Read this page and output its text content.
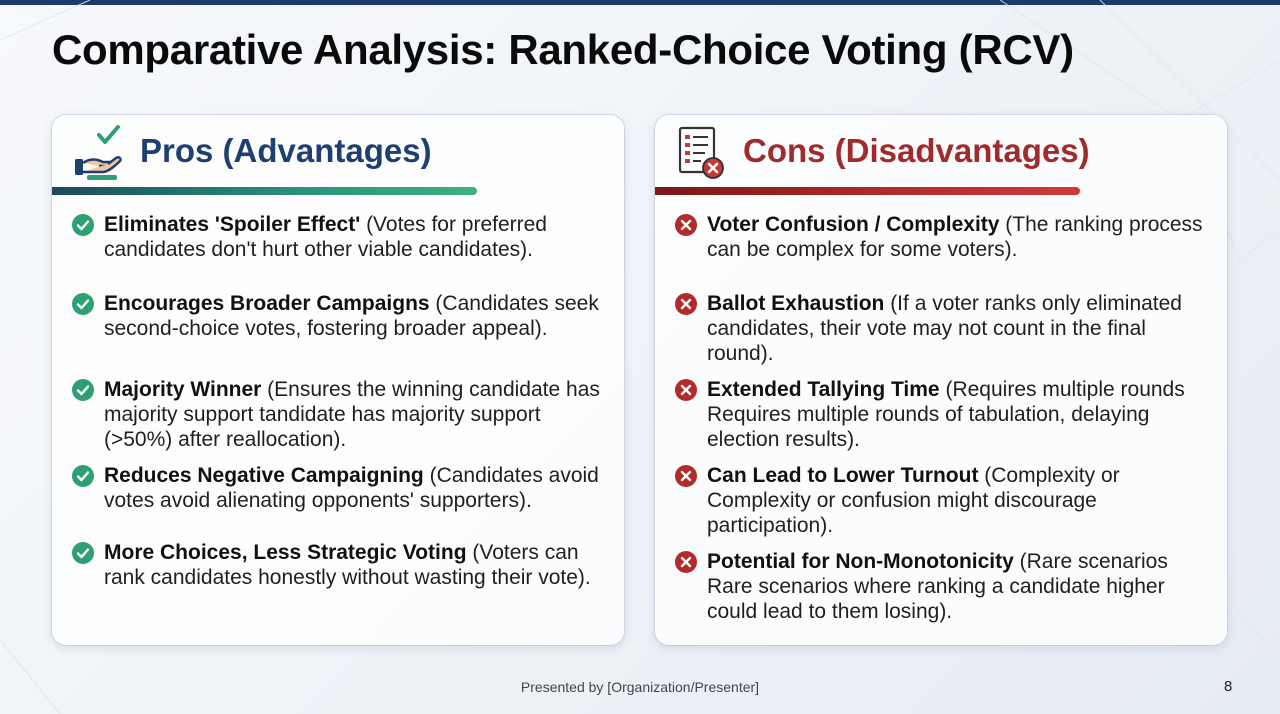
Comparative Analysis: Ranked-Choice Voting (RCV)
Pros (Advantages)
Eliminates 'Spoiler Effect' (Votes for preferred candidates don't hurt other viable candidates).
Encourages Broader Campaigns (Candidates seek second-choice votes, fostering broader appeal).
Majority Winner (Ensures the winning candidate has majority support tandidate has majority support (>50%) after reallocation).
Reduces Negative Campaigning (Candidates avoid votes avoid alienating opponents' supporters).
More Choices, Less Strategic Voting (Voters can rank candidates honestly without wasting their vote).
Cons (Disadvantages)
Voter Confusion / Complexity (The ranking process can be complex for some voters).
Ballot Exhaustion (If a voter ranks only eliminated candidates, their vote may not count in the final round).
Extended Tallying Time (Requires multiple rounds Requires multiple rounds of tabulation, delaying election results).
Can Lead to Lower Turnout (Complexity or Complexity or confusion might discourage participation).
Potential for Non-Monotonicity (Rare scenarios Rare scenarios where ranking a candidate higher could lead to them losing).
Presented by [Organization/Presenter]	8
